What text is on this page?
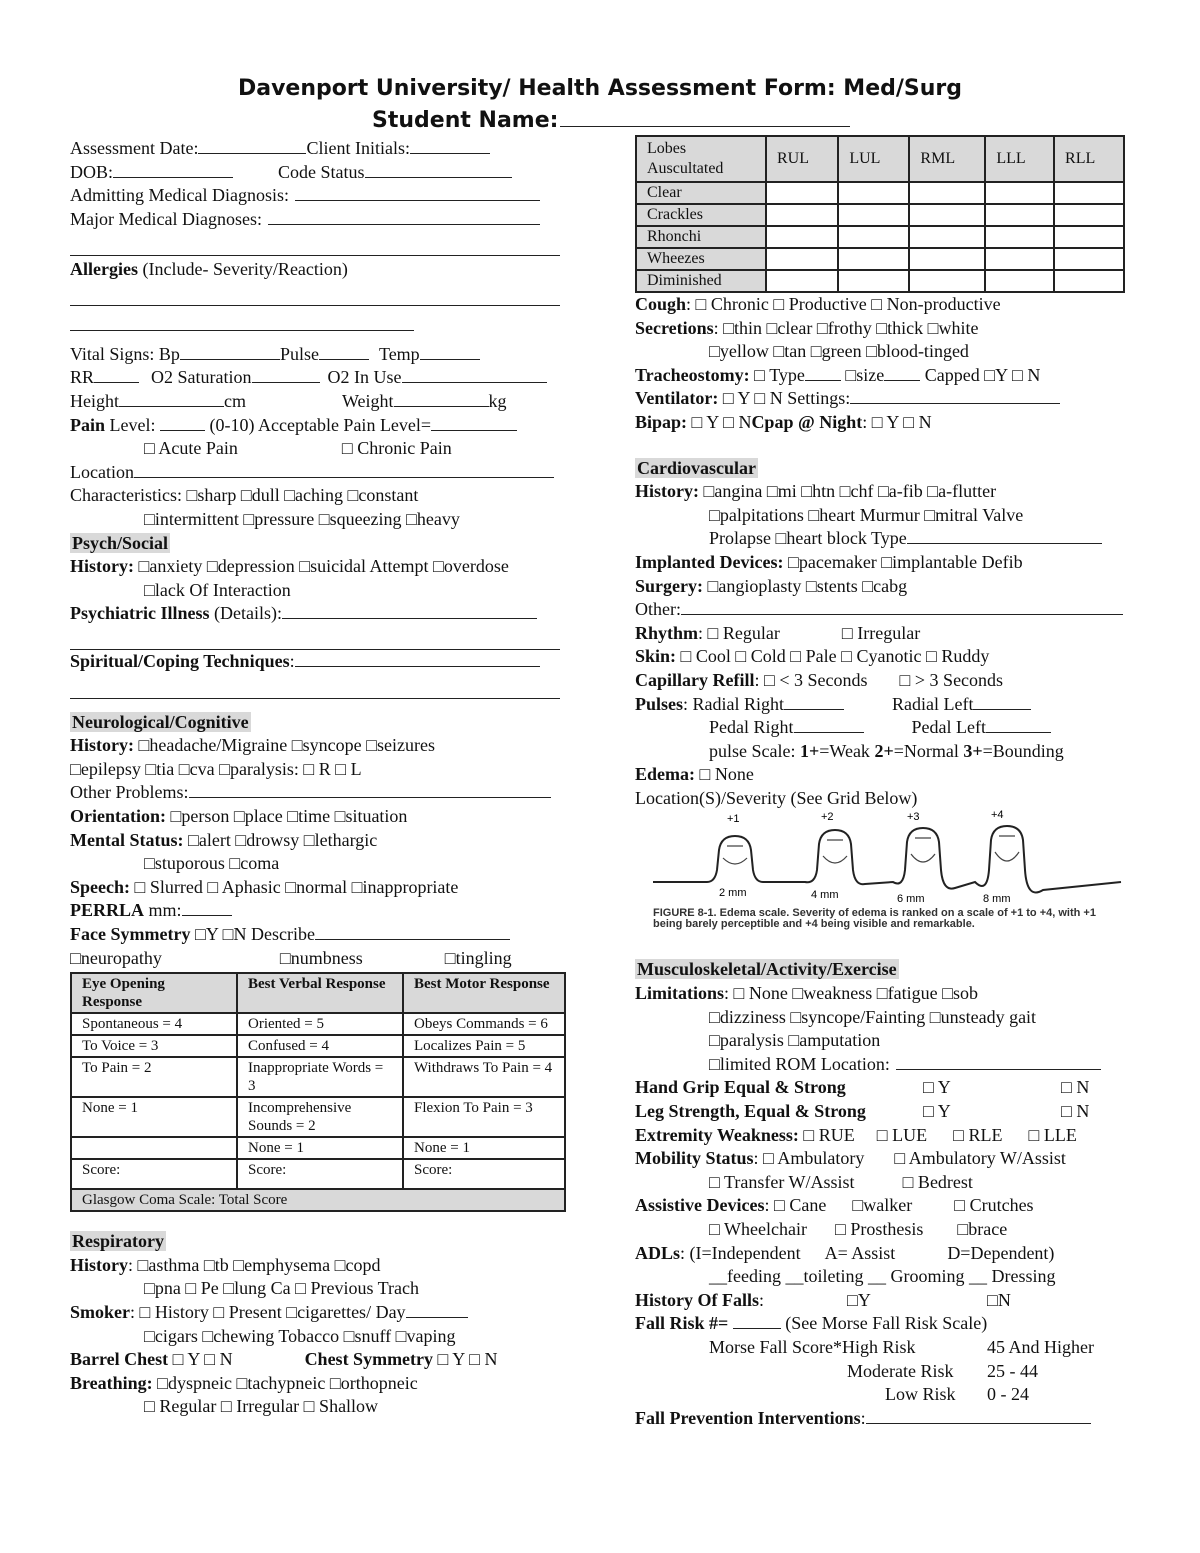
Davenport University/ Health Assessment Form: Med/Surg
Student Name:
Assessment Date:	Client Initials:
DOB:	Code Status
Admitting Medical Diagnosis:
Major Medical Diagnoses:
Allergies (Include- Severity/Reaction)
Vital Signs: Bp	Pulse	Temp
RR	O2 Saturation	O2 In Use
Height	cm	Weight	kg
Pain Level:	(0-10) Acceptable Pain Level=
□ Acute Pain	□ Chronic Pain
Location
Characteristics: □sharp □dull □aching □constant
□intermittent □pressure □squeezing □heavy
Psych/Social
History: □anxiety □depression □suicidal Attempt □overdose
□lack Of Interaction
Psychiatric Illness (Details):
Spiritual/Coping Techniques:
Neurological/Cognitive
History: □headache/Migraine □syncope □seizures
□epilepsy □tia □cva □paralysis: □ R □ L
Other Problems:
Orientation: □person □place □time □situation
Mental Status: □alert □drowsy □lethargic
□stuporous □coma
Speech: □ Slurred □ Aphasic □normal □inappropriate
PERRLA mm:
Face Symmetry □Y □N Describe
□neuropathy	□numbness	□tingling
Eye Opening Response	Best Verbal Response	Best Motor Response
Spontaneous = 4	Oriented = 5	Obeys Commands = 6
To Voice = 3	Confused = 4	Localizes Pain = 5
To Pain = 2	Inappropriate Words = 3	Withdraws To Pain = 4
None = 1	Incomprehensive Sounds = 2	Flexion To Pain = 3
	None = 1	None = 1
Score:	Score:	Score:
Glasgow Coma Scale: Total Score		
Respiratory
History: □asthma □tb □emphysema □copd
□pna □ Pe □lung Ca □ Previous Trach
Smoker: □ History □ Present □cigarettes/ Day
□cigars □chewing Tobacco □snuff □vaping
Barrel Chest □ Y □ N	Chest Symmetry □ Y □ N
Breathing: □dyspneic □tachypneic □orthopneic
□ Regular □ Irregular □ Shallow
Lobes Auscultated	RUL	LUL	RML	LLL	RLL
Clear					
Crackles					
Rhonchi					
Wheezes					
Diminished					
Cough: □ Chronic □ Productive □ Non-productive
Secretions: □thin □clear □frothy □thick □white
□yellow □tan □green □blood-tinged
Tracheostomy: □ Type □size Capped □Y □ N
Ventilator: □ Y □ N Settings:
Bipap: □ Y □ NCpap @ Night: □ Y □ N
Cardiovascular
History: □angina □mi □htn □chf □a-fib □a-flutter
□palpitations □heart Murmur □mitral Valve
Prolapse □heart block Type
Implanted Devices: □pacemaker □implantable Defib
Surgery: □angioplasty □stents □cabg
Other:
Rhythm: □ Regular	□ Irregular
Skin: □ Cool □ Cold □ Pale □ Cyanotic □ Ruddy
Capillary Refill: □ < 3 Seconds □ > 3 Seconds
Pulses: Radial Right	Radial Left
Pedal Right	Pedal Left
pulse Scale: 1+=Weak 2+=Normal 3+=Bounding
Edema: □ None
Location(S)/Severity (See Grid Below)
+1	+2	+3	+4
2 mm	4 mm	6 mm	8 mm
FIGURE 8-1. Edema scale. Severity of edema is ranked on a scale of +1 to +4, with +1 being barely perceptible and +4 being visible and remarkable.
Musculoskeletal/Activity/Exercise
Limitations: □ None □weakness □fatigue □sob
□dizziness □syncope/Fainting □unsteady gait
□paralysis □amputation
□limited ROM Location:
Hand Grip Equal & Strong	□ Y	□ N
Leg Strength, Equal & Strong	□ Y	□ N
Extremity Weakness: □ RUE □ LUE □ RLE □ LLE
Mobility Status: □ Ambulatory □ Ambulatory W/Assist
□ Transfer W/Assist	□ Bedrest
Assistive Devices: □ Cane □walker □ Crutches
□ Wheelchair □ Prosthesis □brace
ADLs: (I=Independent A= Assist	D=Dependent)
__feeding __toileting __ Grooming __ Dressing
History Of Falls:	□Y	□N
Fall Risk #=	(See Morse Fall Risk Scale)
Morse Fall Score*High Risk	45 And Higher
Moderate Risk 25 - 44
Low Risk 0 - 24
Fall Prevention Interventions:
